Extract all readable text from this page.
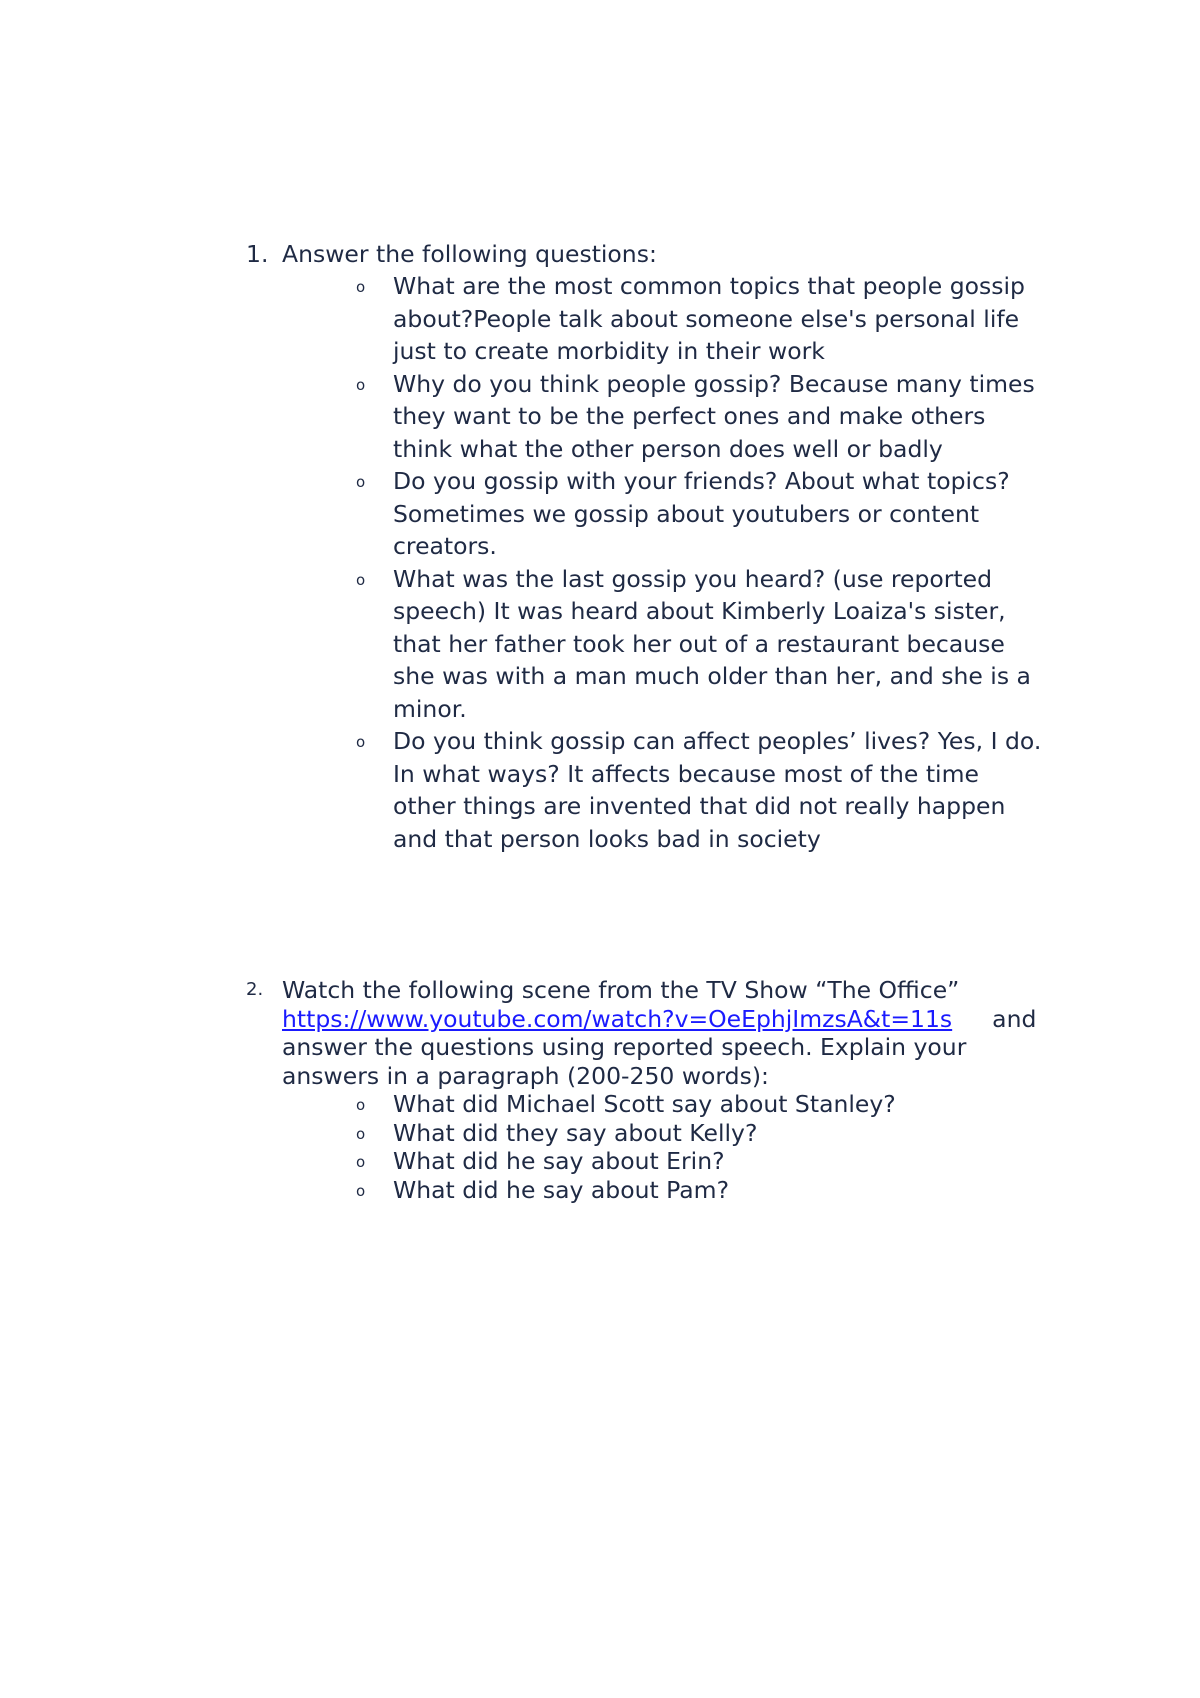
1. Answer the following questions:
o What are the most common topics that people gossip about?People talk about someone else's personal life just to create morbidity in their work
o Why do you think people gossip? Because many times they want to be the perfect ones and make others think what the other person does well or badly
o Do you gossip with your friends? About what topics? Sometimes we gossip about youtubers or content creators.
o What was the last gossip you heard? (use reported speech) It was heard about Kimberly Loaiza's sister, that her father took her out of a restaurant because she was with a man much older than her, and she is a minor.
o Do you think gossip can affect peoples’ lives? Yes, I do. In what ways? It affects because most of the time other things are invented that did not really happen and that person looks bad in society
2. Watch the following scene from the TV Show “The Office” https://www.youtube.com/watch?v=OeEphjImzsA&t=11s and answer the questions using reported speech. Explain your answers in a paragraph (200-250 words):
o What did Michael Scott say about Stanley?
o What did they say about Kelly?
o What did he say about Erin?
o What did he say about Pam?
